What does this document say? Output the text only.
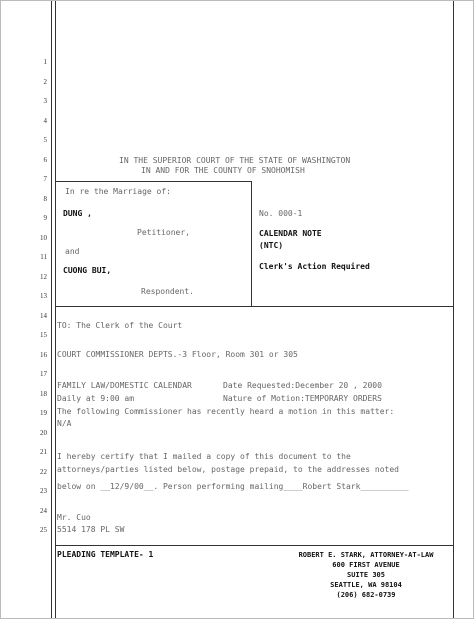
1
2
3
4
5
6
7
8
9
10
11
12
13
14
15
16
17
18
19
20
21
22
23
24
25
IN THE SUPERIOR COURT OF THE STATE OF WASHINGTON
IN AND FOR THE COUNTY OF SNOHOMISH
In re the Marriage of:
DUNG ,
Petitioner,
and
CUONG BUI,
Respondent.
No. 000-1
CALENDAR NOTE
(NTC)
Clerk's Action Required
TO: The Clerk of the Court
COURT COMMISSIONER DEPTS.-3 Floor, Room 301 or 305
FAMILY LAW/DOMESTIC CALENDAR	Date Requested:December 20 , 2000
Daily at 9:00 am	Nature of Motion:TEMPORARY ORDERS
The following Commissioner has recently heard a motion in this matter:
N/A
I hereby certify that I mailed a copy of this document to the
attorneys/parties listed below, postage prepaid, to the addresses noted
below on __12/9/00__. Person performing mailing____Robert Stark__________
Mr. Cuo
5514 178 PL SW
PLEADING TEMPLATE- 1	ROBERT E. STARK, ATTORNEY-AT-LAW
600 FIRST AVENUE
SUITE 305
SEATTLE, WA 98104
(206) 682-0739
